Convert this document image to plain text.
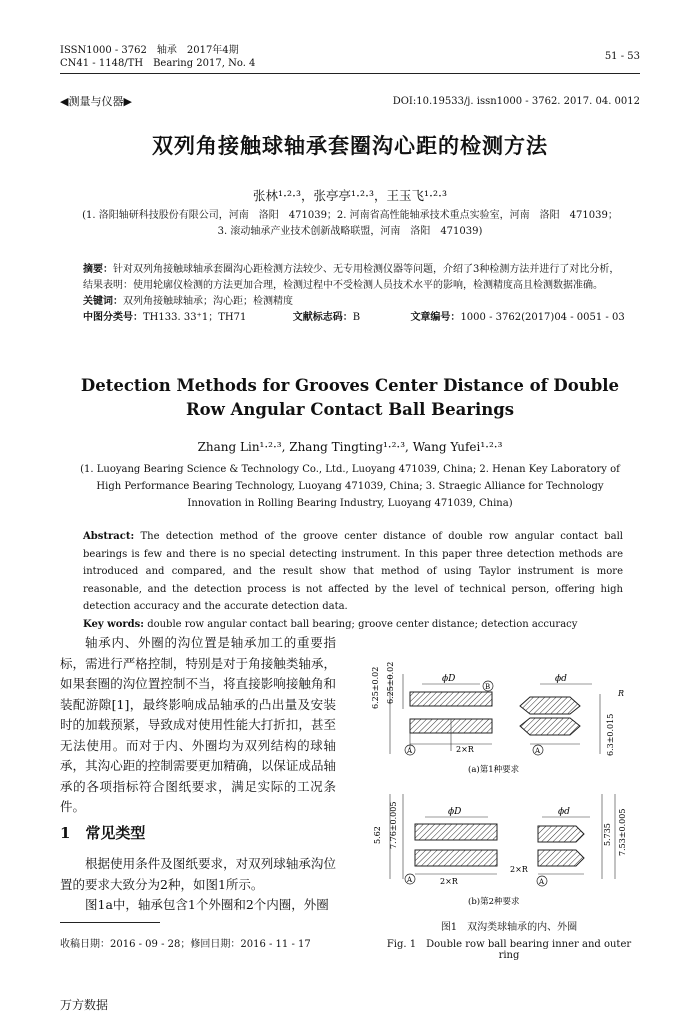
ISSN1000 - 3762　轴承　2017年4期
CN41 - 1148/TH　Bearing 2017, No. 4
51 - 53
◀测量与仪器▶	DOI:10.19533/j. issn1000 - 3762. 2017. 04. 0012
双列角接触球轴承套圈沟心距的检测方法
张林¹·²·³，张亭亭¹·²·³，王玉飞¹·²·³
(1. 洛阳轴研科技股份有限公司，河南　洛阳　471039；2. 河南省高性能轴承技术重点实验室，河南　洛阳　471039；3. 滚动轴承产业技术创新战略联盟，河南　洛阳　471039)
摘要：针对双列角接触球轴承套圈沟心距检测方法较少、无专用检测仪器等问题，介绍了3种检测方法并进行了对比分析，结果表明：使用轮廓仪检测的方法更加合理，检测过程中不受检测人员技术水平的影响，检测精度高且检测数据准确。
关键词：双列角接触球轴承；沟心距；检测精度
中图分类号：TH133. 33⁺1；TH71	文献标志码：B	文章编号：1000 - 3762(2017)04 - 0051 - 03
Detection Methods for Grooves Center Distance of Double Row Angular Contact Ball Bearings
Zhang Lin¹·²·³, Zhang Tingting¹·²·³, Wang Yufei¹·²·³
(1. Luoyang Bearing Science & Technology Co., Ltd., Luoyang 471039, China; 2. Henan Key Laboratory of High Performance Bearing Technology, Luoyang 471039, China; 3. Straegic Alliance for Technology Innovation in Rolling Bearing Industry, Luoyang 471039, China)
Abstract: The detection method of the groove center distance of double row angular contact ball bearings is few and there is no special detecting instrument. In this paper three detection methods are introduced and compared, and the result show that method of using Taylor instrument is more reasonable, and the detection process is not affected by the level of technical person, offering high detection accuracy and the accurate detection data.
Key words: double row angular contact ball bearing; groove center distance; detection accuracy
轴承内、外圈的沟位置是轴承加工的重要指标，需进行严格控制，特别是对于角接触类轴承，如果套圈的沟位置控制不当，将直接影响接触角和装配游隙[1]，最终影响成品轴承的凸出量及安装时的加载预紧，导致成对使用性能大打折扣，甚至无法使用。而对于内、外圈均为双列结构的球轴承，其沟心距的控制需要更加精确，以保证成品轴承的各项指标符合图纸要求，满足实际的工况条件。
1　常见类型
根据使用条件及图纸要求，对双列球轴承沟位置的要求大致分为2种，如图1所示。
图1a中，轴承包含1个外圈和2个内圈，外圈
收稿日期：2016 - 09 - 28；修回日期：2016 - 11 - 17
6.25±0.02 6.25±0.02
6.3±0.015
ϕD	ϕd
B
A	A
2×R
R
(a)第1种要求
5.62 7.76±0.005	5.735 7.53±0.005
ϕD	ϕd
A	A
2×R
2×R
(b)第2种要求
图1　双沟类球轴承的内、外圈
Fig. 1　Double row ball bearing inner and outer ring
万方数据
